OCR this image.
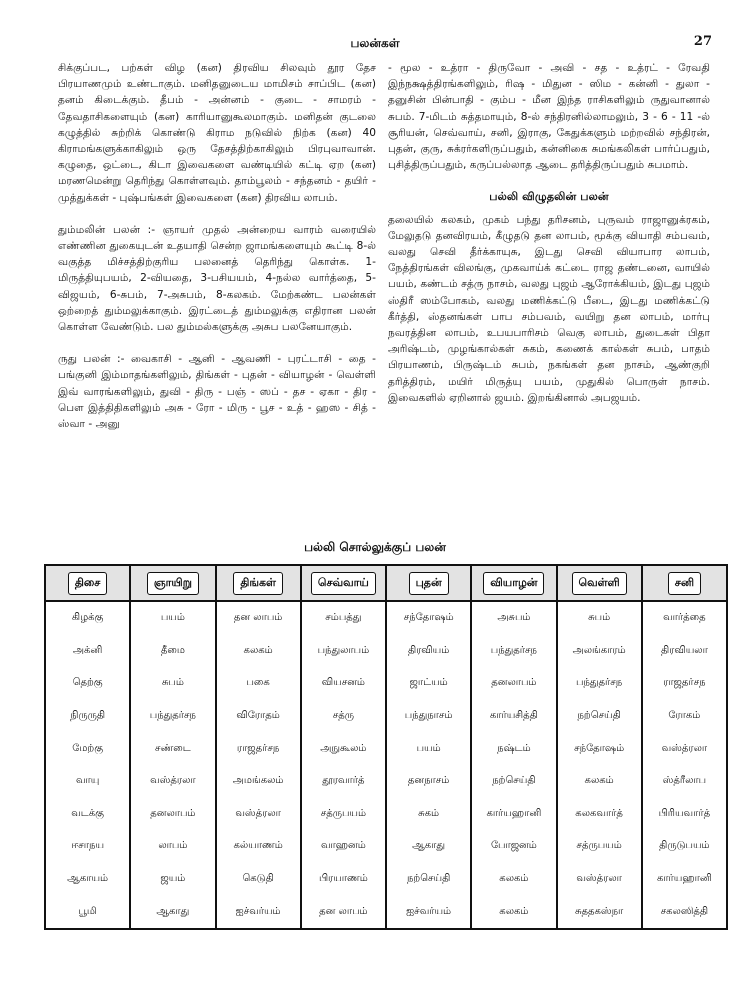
பலன்கள்	27

சிக்குப்பட, பற்கள் விழ (கன) திரவிய சிலவும் தூர தேச பிரயாணமும் உண்டாகும். மனிதனுடைய மாமிசம் சாப்பிட (கன) தனம் கிடைக்கும். தீபம் - அன்னம் - குடை - சாமரம் - தேவதாசிகளையும் (கன) காரியானுகூலமாகும். மனிதன் குடலை கழுத்தில் சுற்றிக் கொண்டு கிராம நடுவில் நிற்க (கன) 40 கிராமங்களுக்காகிலும் ஒரு தேசத்திற்காகிலும் பிரபுவாவான். கழுதை, ஒட்டை, கிடா இவைகளை வண்டியில் கட்டி ஏற (கன) மரணமென்று தெரிந்து கொள்ளவும். தாம்பூலம் - சந்தனம் - தயிர் - முத்துக்கள் - புஷ்பங்கள் இவைகளை (கன) திரவிய லாபம்.

தும்மலின் பலன் :- ஞாயர் முதல் அன்றைய வாரம் வரையில் எண்ணின துகையுடன் உதயாதி சென்ற ஜாமங்களையும் கூட்டி 8-ல் வகுத்த மிச்சத்திற்குரிய பலனைத் தெரிந்து கொள்க. 1-மிருத்தியுபயம், 2-வியதை, 3-பசியயம், 4-நல்ல வார்த்தை, 5-விஜயம், 6-சுபம், 7-அசுபம், 8-கலகம். மேற்கண்ட பலன்கள் ஒற்றைத் தும்மலுக்காகும். இரட்டைத் தும்மலுக்கு எதிரான பலன் கொள்ள வேண்டும். பல தும்மல்களுக்கு அசுப பலனேயாகும்.

ருது பலன் :- வைகாசி - ஆனி - ஆவணி - புரட்டாசி - தை - பங்குனி இம்மாதங்களிலும், திங்கள் - புதன் - வியாழன் - வெள்ளி இவ் வாரங்களிலும், துவி - திரு - பஞ் - ஸப் - தச - ஏகா - திர - பௌ இத்திதிகளிலும் அசு - ரோ - மிரு - பூச - உத் - ஹஸ - சித் - ஸ்வா - அனு

- மூல - உத்ரா - திருவோ - அவி - சத - உத்ரட் - ரேவதி இந்நக்ஷத்திரங்களிலும், ரிஷ - மிதுன - ஸிம - கன்னி - துலா - தனுசின் பின்பாதி - கும்ப - மீன இந்த ராசிகளிலும் ருதுவானால் சுபம். 7-மிடம் சுத்தமாயும், 8-ல் சந்திரனில்லாமலும், 3 - 6 - 11 -ல் சூரியன், செவ்வாய், சனி, இராகு, கேதுக்களும் மற்றவில் சந்திரன், புதன், குரு, சுக்ரர்களிருப்பதும், கன்னிகை சுமங்கலிகள் பார்ப்பதும், புசித்திருப்பதும், கருப்பல்லாத ஆடை தரித்திருப்பதும் சுபமாம்.

பல்லி விழுதலின் பலன்

தலையில் கலகம், முகம் பந்து தரிசனம், புருவம் ராஜானுக்ரகம், மேலுதடு தனவிரயம், கீழுதடு தன லாபம், மூக்கு வியாதி சம்பவம், வலது செவி தீர்க்காயுசு, இடது செவி வியாபார லாபம், நேத்திரங்கள் விலங்கு, முகவாய்க் கட்டை ராஜ தண்டனை, வாயில் பயம், கண்டம் சத்ரு நாசம், வலது புஜம் ஆரோக்கியம், இடது புஜம் ஸ்திரீ ஸம்போகம், வலது மணிக்கட்டு பீடை, இடது மணிக்கட்டு கீர்த்தி, ஸ்தனங்கள் பாப சம்பவம், வயிறு தன லாபம், மார்பு நவரத்தின லாபம், உபயபாரிசம் வெகு லாபம், துடைகள் பிதா அரிஷ்டம், முழங்கால்கள் சுகம், கணைக் கால்கள் சுபம், பாதம் பிரயாணம், பிருஷ்டம் சுபம், நகங்கள் தன நாசம், ஆண்குறி தரித்திரம், மயிர் மிருத்யு பயம், முதுகில் பொருள் நாசம். இவைகளில் ஏறினால் ஜயம். இறங்கினால் அபஜயம்.

பல்லி சொல்லுக்குப் பலன்
திசை	ஞாயிறு	திங்கள்	செவ்வாய்	புதன்	வியாழன்	வெள்ளி	சனி
கிழக்கு	பயம்	தன லாபம்	சம்பத்து	சந்தோஷம்	அசுபம்	சுபம்	வார்த்தை
அக்னி	தீமை	கலகம்	பந்துலாபம்	திரவியம்	பந்துதர்சந	அலங்காரம்	திரவியலா
தெற்கு	சுபம்	பகை	வியசனம்	ஜாட்யம்	தனலாபம்	பந்துதர்சந	ராஜதர்சந
நிருருதி	பந்துதர்சந	விரோதம்	சத்ரு	பந்துநாசம்	கார்யசித்தி	நற்செய்தி	ரோகம்
மேற்கு	சண்டை	ராஜதர்சந	அநுகூலம்	பயம்	நஷ்டம்	சந்தோஷம்	வஸ்த்ரலா
வாயு	வஸ்த்ரலா	அமங்கலம்	தூரவார்த்	தனநாசம்	நற்செய்தி	கலகம்	ஸ்த்ரீலாப
வடக்கு	தனலாபம்	வஸ்த்ரலா	சத்ருபயம்	சுகம்	கார்யஹானி	கலகவார்த்	பிரியவார்த்
ஈசாநய	லாபம்	கல்யாணம்	வாஹனம்	ஆகாது	போஜனம்	சத்ருபயம்	திருடுபயம்
ஆகாயம்	ஜயம்	கெடுதி	பிரயாணம்	நற்செய்தி	கலகம்	வஸ்த்ரலா	கார்யஹானி
பூமி	ஆகாது	ஐச்வர்யம்	தன லாபம்	ஐச்வர்யம்	கலகம்	சுததகஸ்நா	சகலஸித்தி
